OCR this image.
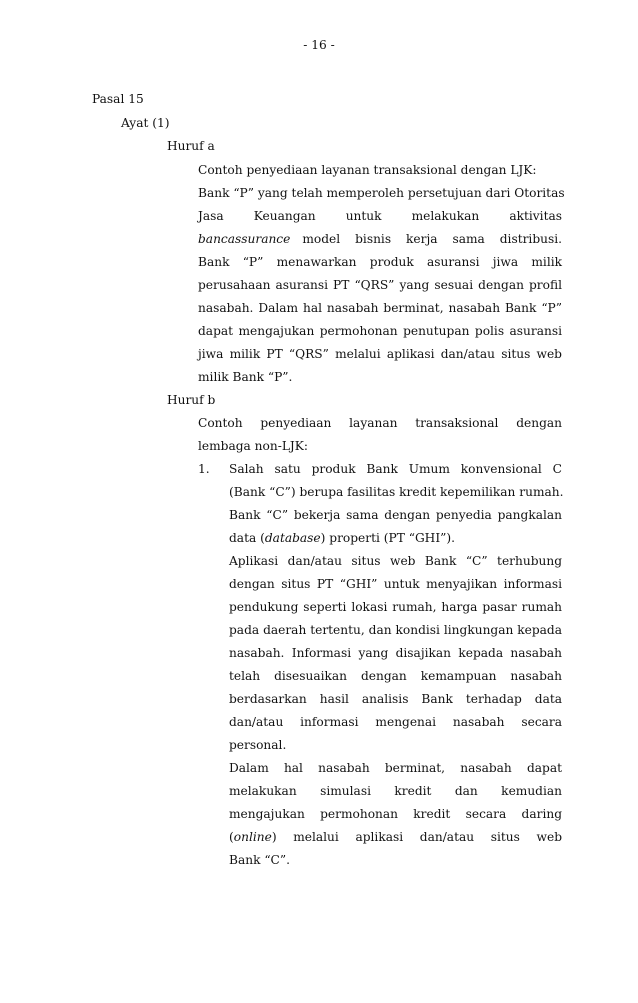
- 16 -
Pasal 15
Ayat (1)
Huruf a
Contoh penyediaan layanan transaksional dengan LJK:
Bank “P” yang telah memperoleh persetujuan dari Otoritas
Jasa Keuangan untuk melakukan aktivitas
bancassurance model bisnis kerja sama distribusi.
Bank “P” menawarkan produk asuransi jiwa milik
perusahaan asuransi PT “QRS” yang sesuai dengan profil
nasabah. Dalam hal nasabah berminat, nasabah Bank “P”
dapat mengajukan permohonan penutupan polis asuransi
jiwa milik PT “QRS” melalui aplikasi dan/atau situs web
milik Bank “P”.
Huruf b
Contoh penyediaan layanan transaksional dengan
lembaga non-LJK:
1. Salah satu produk Bank Umum konvensional C
(Bank “C”) berupa fasilitas kredit kepemilikan rumah.
Bank “C” bekerja sama dengan penyedia pangkalan
data (database) properti (PT “GHI”).
Aplikasi dan/atau situs web Bank “C” terhubung
dengan situs PT “GHI” untuk menyajikan informasi
pendukung seperti lokasi rumah, harga pasar rumah
pada daerah tertentu, dan kondisi lingkungan kepada
nasabah. Informasi yang disajikan kepada nasabah
telah disesuaikan dengan kemampuan nasabah
berdasarkan hasil analisis Bank terhadap data
dan/atau informasi mengenai nasabah secara
personal.
Dalam hal nasabah berminat, nasabah dapat
melakukan simulasi kredit dan kemudian
mengajukan permohonan kredit secara daring
( online ) melalui aplikasi dan/atau situs web
Bank “C”.
